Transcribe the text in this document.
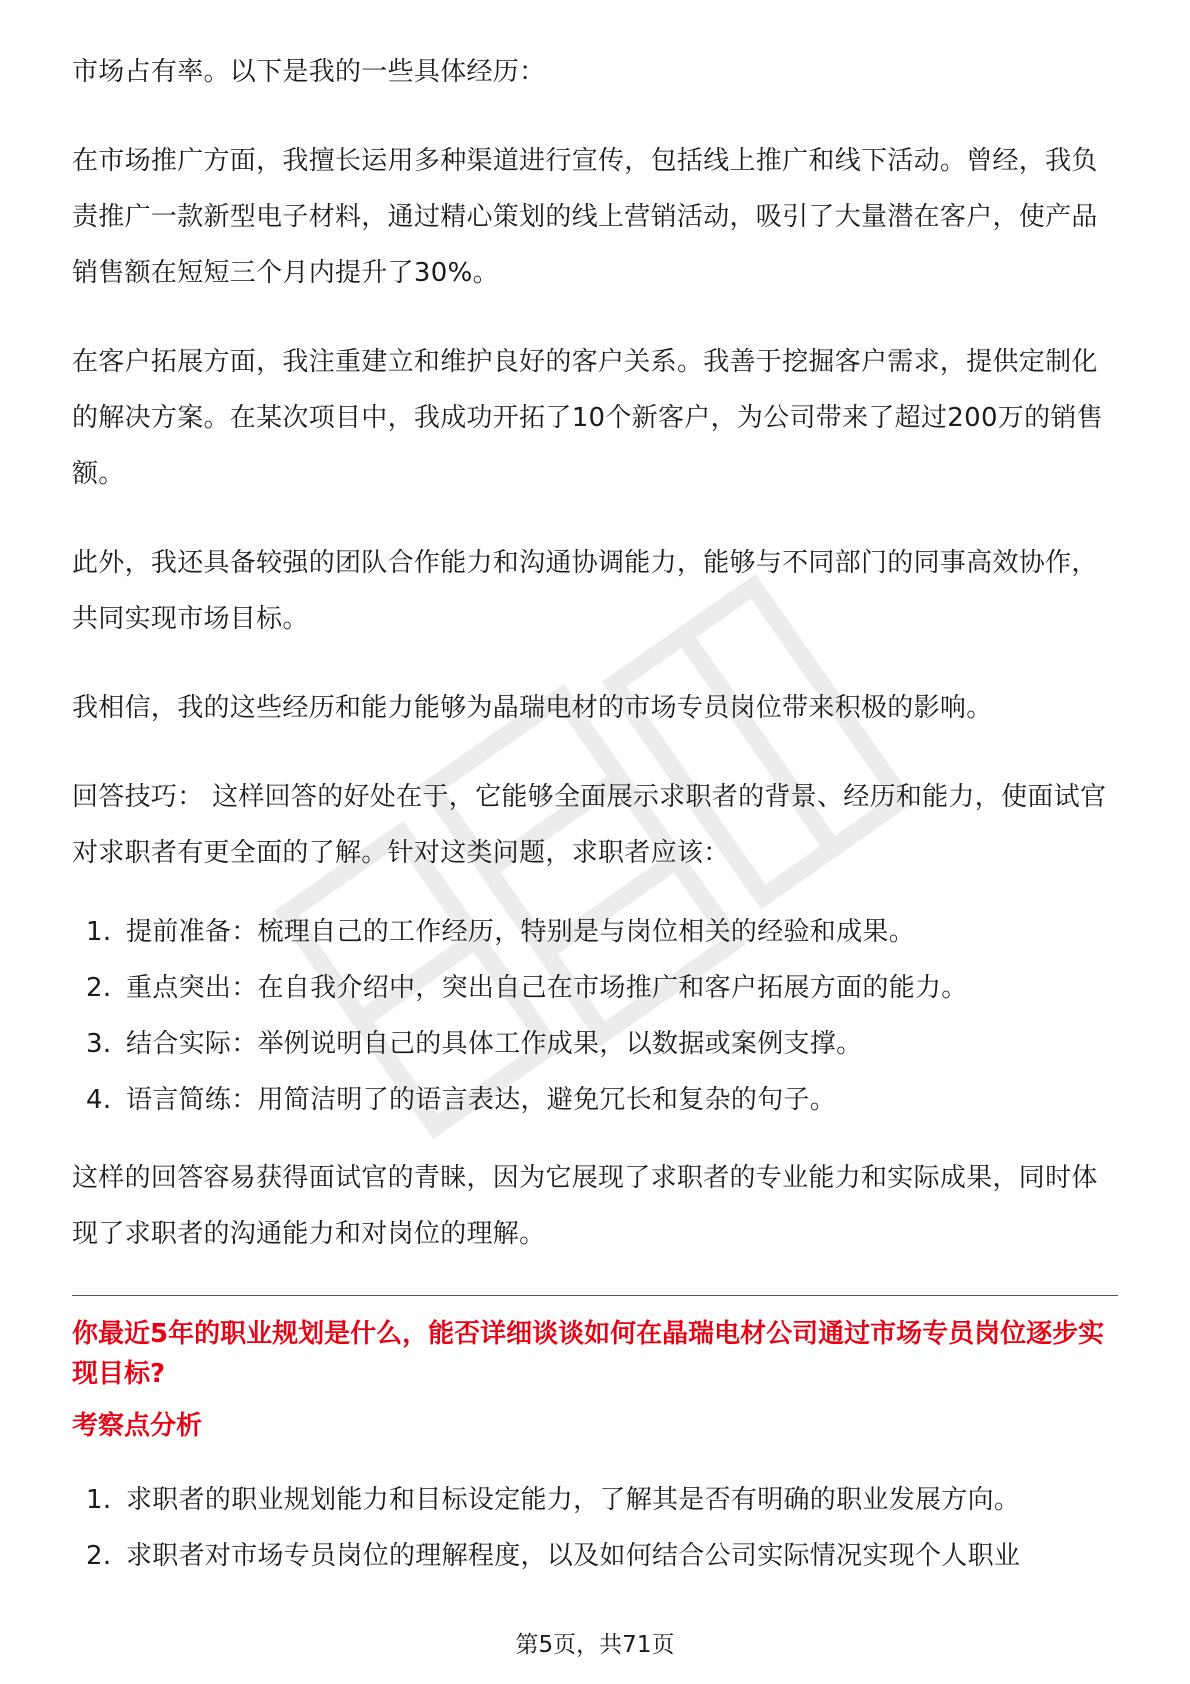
市场占有率。以下是我的一些具体经历：

在市场推广方面，我擅长运用多种渠道进行宣传，包括线上推广和线下活动。曾经，我负责推广一款新型电子材料，通过精心策划的线上营销活动，吸引了大量潜在客户，使产品销售额在短短三个月内提升了30%。

在客户拓展方面，我注重建立和维护良好的客户关系。我善于挖掘客户需求，提供定制化的解决方案。在某次项目中，我成功开拓了10个新客户，为公司带来了超过200万的销售额。

此外，我还具备较强的团队合作能力和沟通协调能力，能够与不同部门的同事高效协作，共同实现市场目标。

我相信，我的这些经历和能力能够为晶瑞电材的市场专员岗位带来积极的影响。

回答技巧： 这样回答的好处在于，它能够全面展示求职者的背景、经历和能力，使面试官对求职者有更全面的了解。针对这类问题，求职者应该：

1. 提前准备：梳理自己的工作经历，特别是与岗位相关的经验和成果。
2. 重点突出：在自我介绍中，突出自己在市场推广和客户拓展方面的能力。
3. 结合实际：举例说明自己的具体工作成果，以数据或案例支撑。
4. 语言简练：用简洁明了的语言表达，避免冗长和复杂的句子。

这样的回答容易获得面试官的青睐，因为它展现了求职者的专业能力和实际成果，同时体现了求职者的沟通能力和对岗位的理解。

你最近5年的职业规划是什么，能否详细谈谈如何在晶瑞电材公司通过市场专员岗位逐步实现目标?
考察点分析
1. 求职者的职业规划能力和目标设定能力，了解其是否有明确的职业发展方向。
2. 求职者对市场专员岗位的理解程度，以及如何结合公司实际情况实现个人职业
第5页，共71页
